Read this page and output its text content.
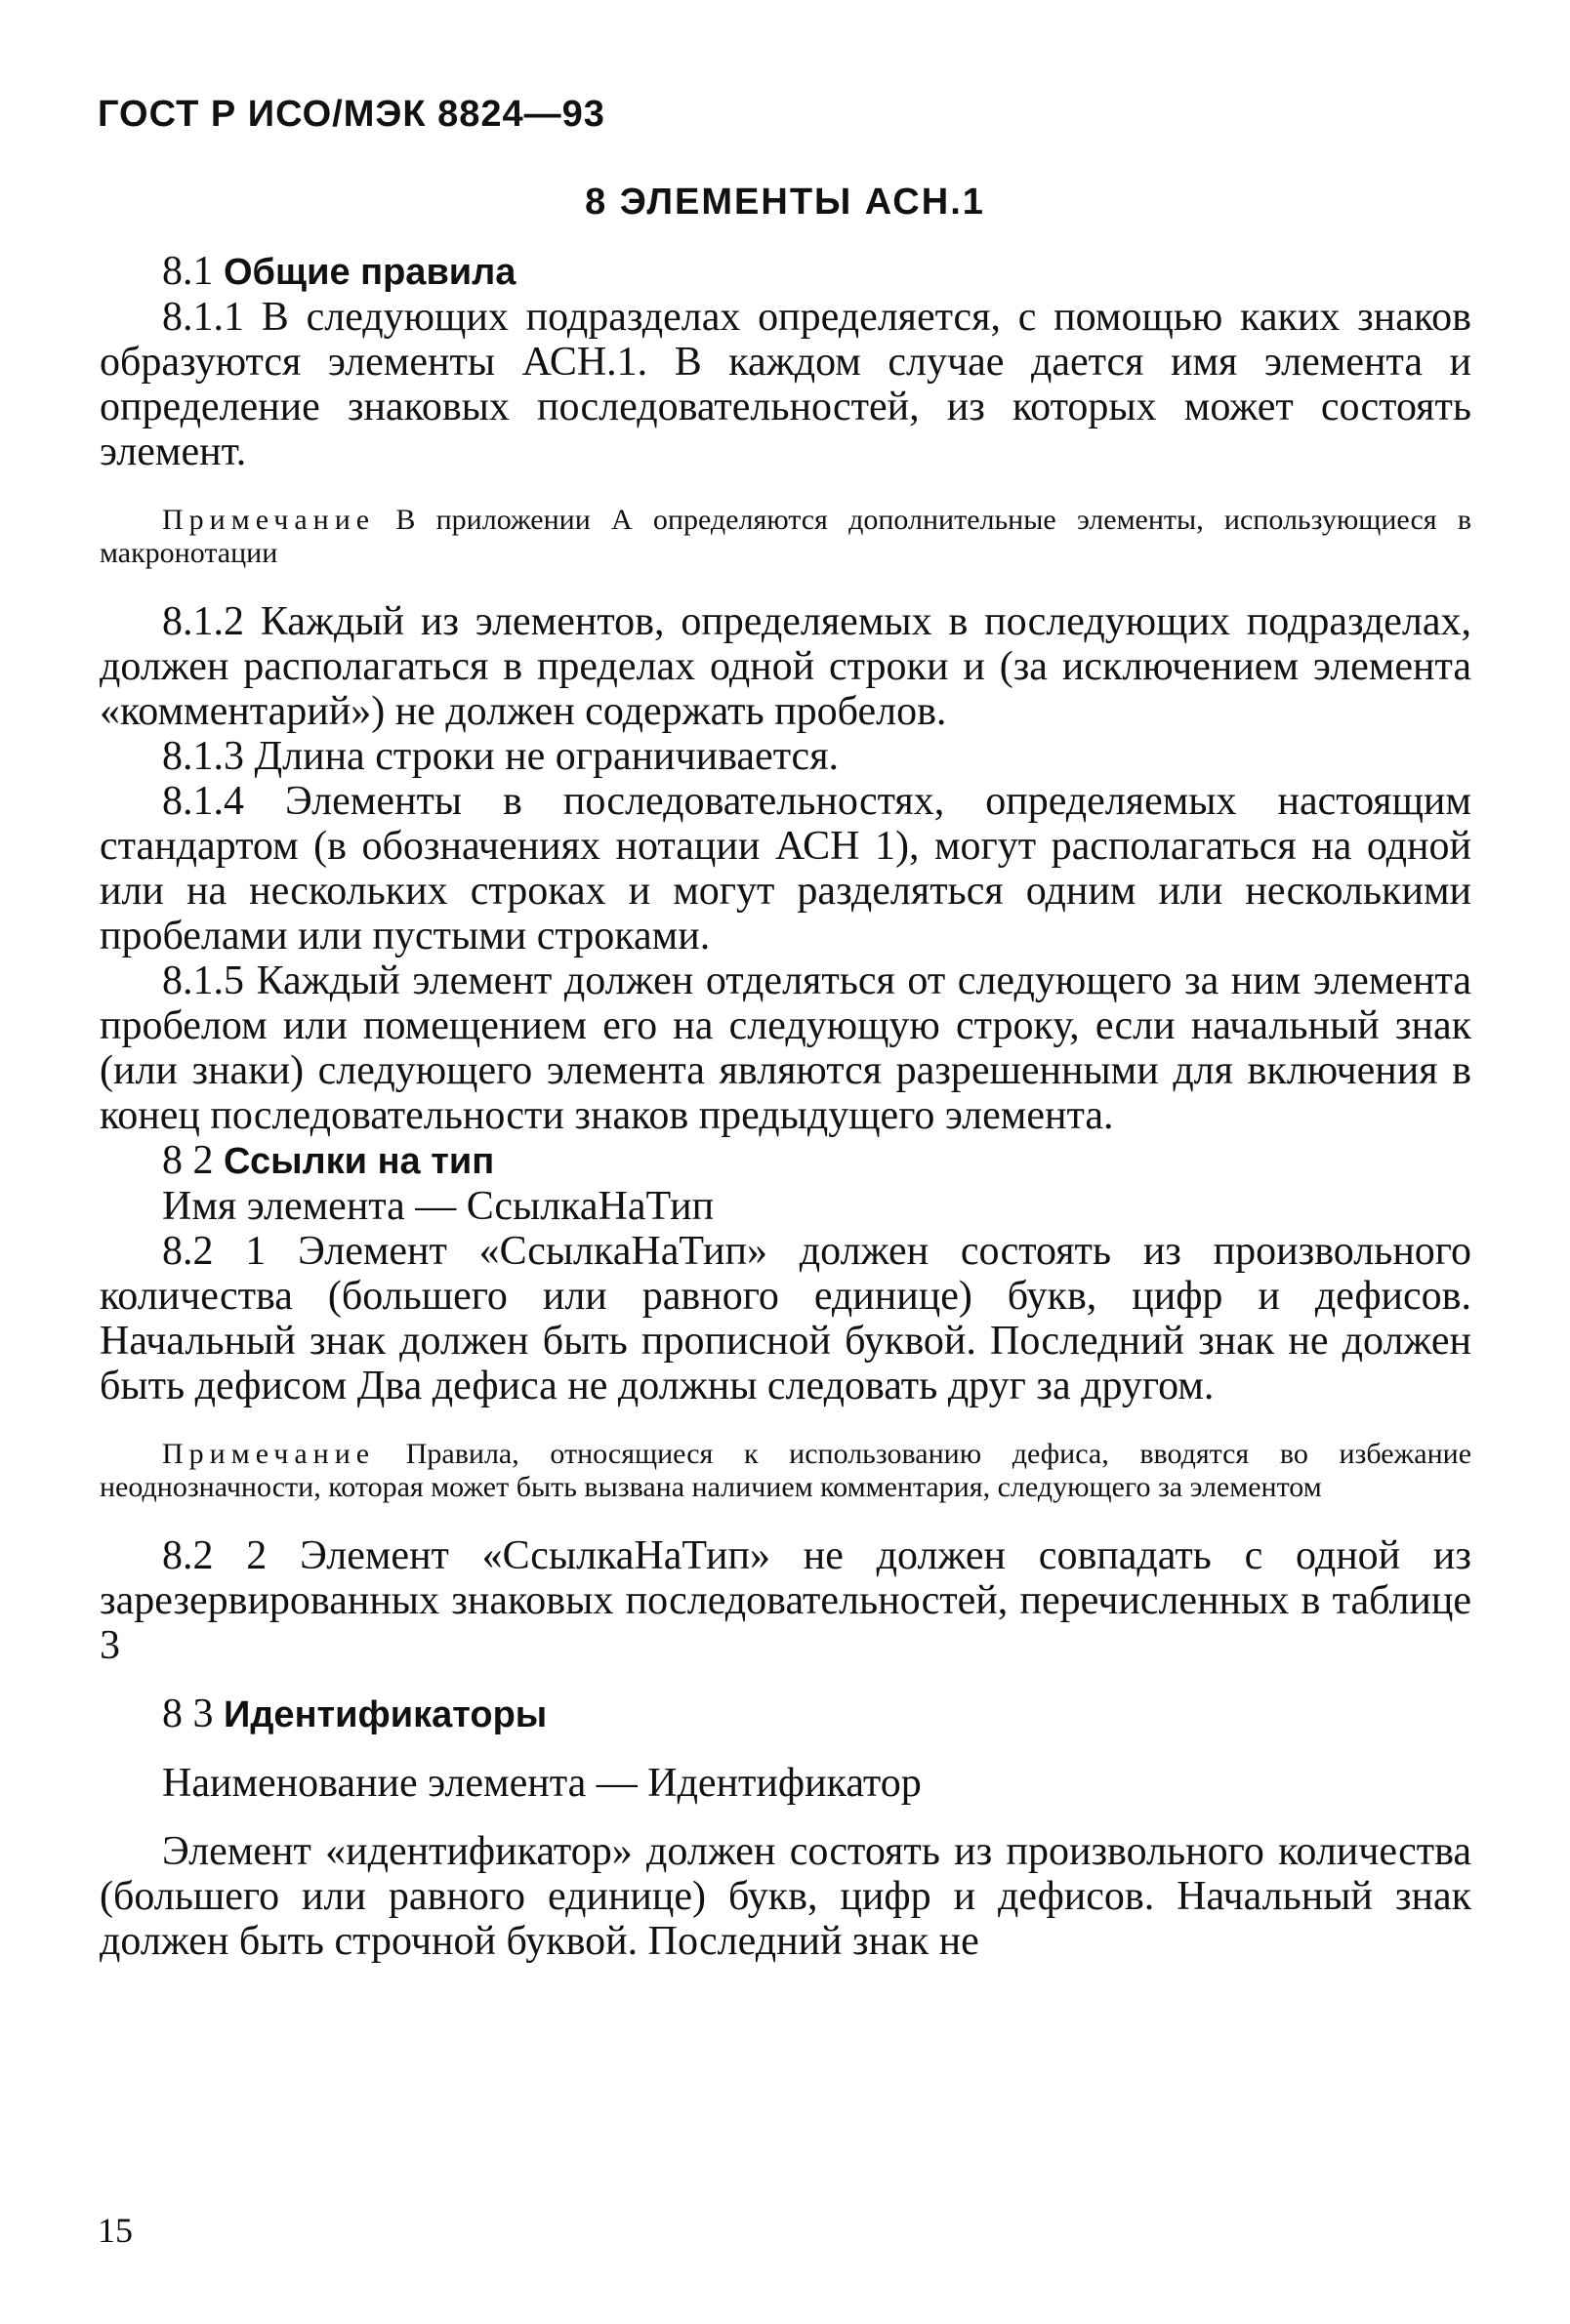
ГОСТ Р ИСО/МЭК 8824—93
8 ЭЛЕМЕНТЫ АСН.1
8.1 Общие правила

8.1.1 В следующих подразделах определяется, с помощью каких знаков образуются элементы АСН.1. В каждом случае дается имя элемента и определение знаковых последовательностей, из которых может состоять элемент.

Примечание В приложении А определяются дополнительные элементы, использующиеся в макронотации

8.1.2 Каждый из элементов, определяемых в последующих подразделах, должен располагаться в пределах одной строки и (за исключением элемента «комментарий») не должен содержать пробелов.

8.1.3 Длина строки не ограничивается.

8.1.4 Элементы в последовательностях, определяемых настоящим стандартом (в обозначениях нотации АСН 1), могут располагаться на одной или на нескольких строках и могут разделяться одним или несколькими пробелами или пустыми строками.

8.1.5 Каждый элемент должен отделяться от следующего за ним элемента пробелом или помещением его на следующую строку, если начальный знак (или знаки) следующего элемента являются разрешенными для включения в конец последовательности знаков предыдущего элемента.

8 2 Ссылки на тип

Имя элемента — СсылкаНаТип

8.2 1 Элемент «СсылкаНаТип» должен состоять из произвольного количества (большего или равного единице) букв, цифр и дефисов. Начальный знак должен быть прописной буквой. Последний знак не должен быть дефисом Два дефиса не должны следовать друг за другом.

Примечание Правила, относящиеся к использованию дефиса, вводятся во избежание неоднозначности, которая может быть вызвана наличием комментария, следующего за элементом

8.2 2 Элемент «СсылкаНаТип» не должен совпадать с одной из зарезервированных знаковых последовательностей, перечисленных в таблице 3

8 3 Идентификаторы

Наименование элемента — Идентификатор

Элемент «идентификатор» должен состоять из произвольного количества (большего или равного единице) букв, цифр и дефисов. Начальный знак должен быть строчной буквой. Последний знак не

15
